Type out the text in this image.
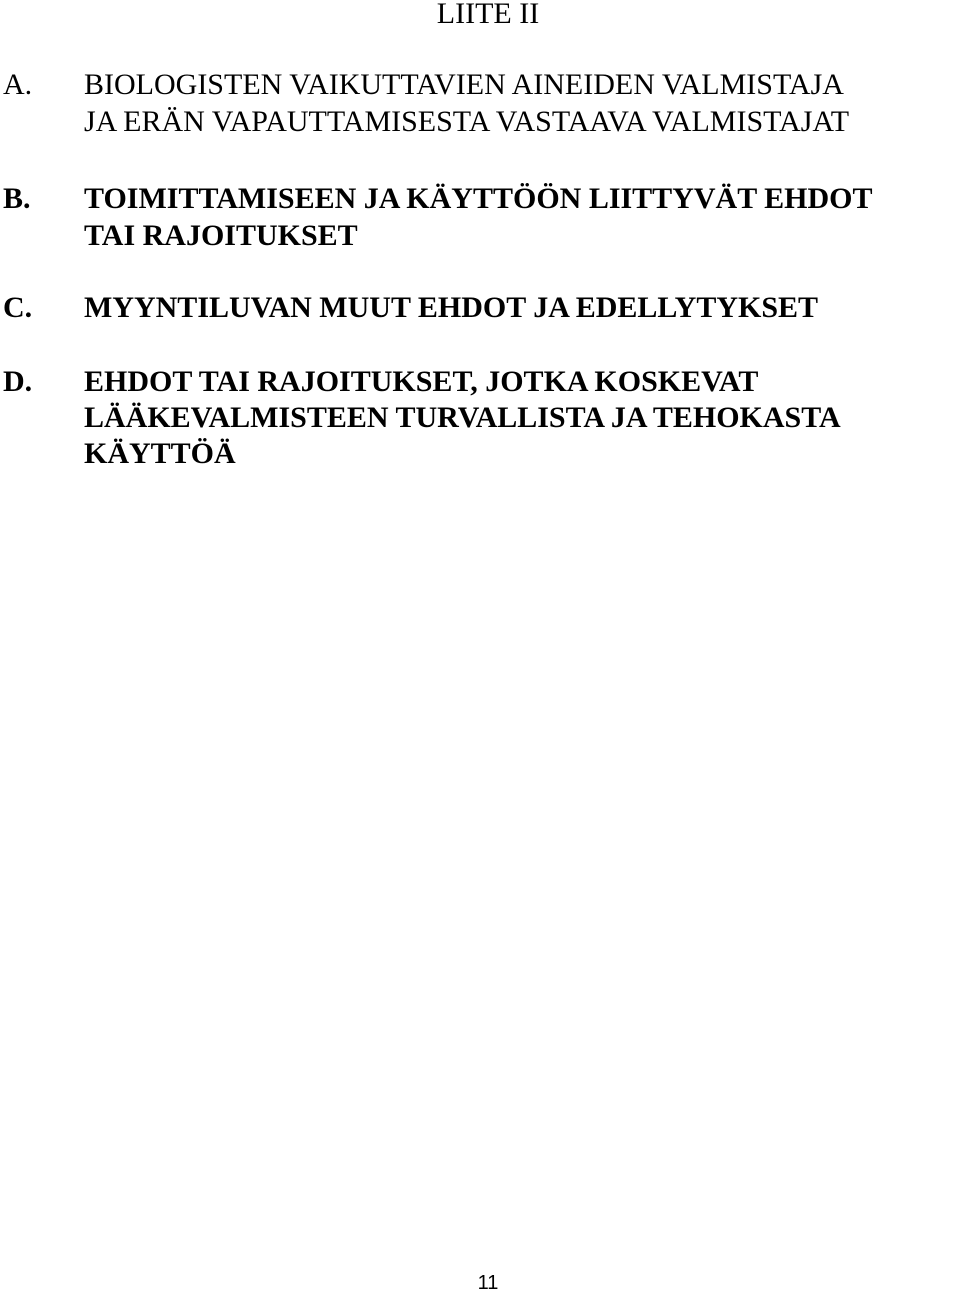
LIITE II
A. BIOLOGISTEN VAIKUTTAVIEN AINEIDEN VALMISTAJA
JA ERÄN VAPAUTTAMISESTA VASTAAVA VALMISTAJAT
B. TOIMITTAMISEEN JA KÄYTTÖÖN LIITTYVÄT EHDOT
TAI RAJOITUKSET
C. MYYNTILUVAN MUUT EHDOT JA EDELLYTYKSET
D. EHDOT TAI RAJOITUKSET, JOTKA KOSKEVAT
LÄÄKEVALMISTEEN TURVALLISTA JA TEHOKASTA
KÄYTTÖÄ
11
